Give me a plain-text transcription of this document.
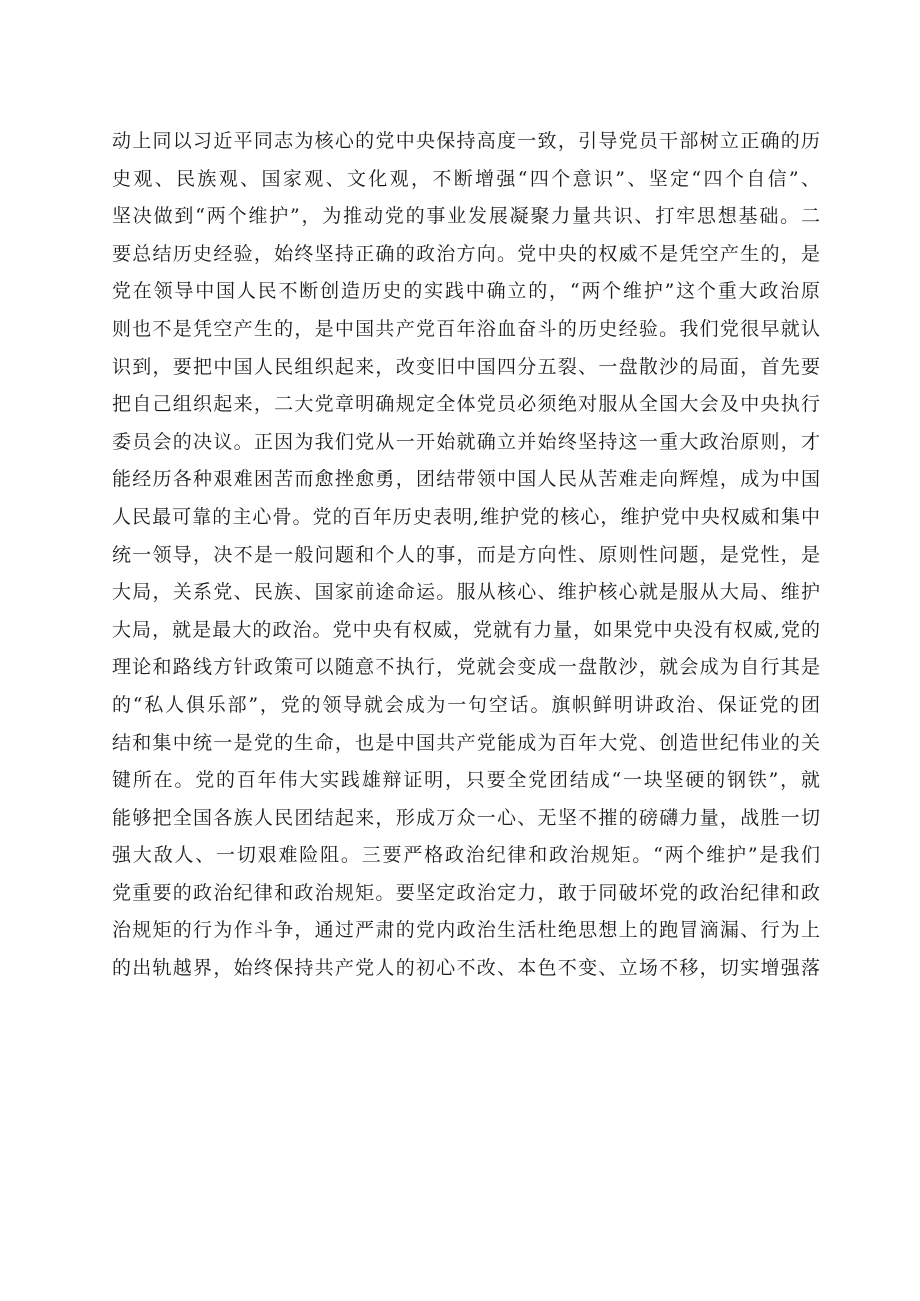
动上同以习近平同志为核心的党中央保持高度一致，引导党员干部树立正确的历
史观、民族观、国家观、文化观，不断增强“四个意识”、坚定“四个自信”、
坚决做到“两个维护”，为推动党的事业发展凝聚力量共识、打牢思想基础。二
要总结历史经验，始终坚持正确的政治方向。党中央的权威不是凭空产生的，是
党在领导中国人民不断创造历史的实践中确立的，“两个维护”这个重大政治原
则也不是凭空产生的，是中国共产党百年浴血奋斗的历史经验。我们党很早就认
识到，要把中国人民组织起来，改变旧中国四分五裂、一盘散沙的局面，首先要
把自己组织起来，二大党章明确规定全体党员必须绝对服从全国大会及中央执行
委员会的决议。正因为我们党从一开始就确立并始终坚持这一重大政治原则，才
能经历各种艰难困苦而愈挫愈勇，团结带领中国人民从苦难走向辉煌，成为中国
人民最可靠的主心骨。党的百年历史表明,维护党的核心，维护党中央权威和集中
统一领导，决不是一般问题和个人的事，而是方向性、原则性问题，是党性，是
大局，关系党、民族、国家前途命运。服从核心、维护核心就是服从大局、维护
大局，就是最大的政治。党中央有权威，党就有力量，如果党中央没有权威,党的
理论和路线方针政策可以随意不执行，党就会变成一盘散沙，就会成为自行其是
的“私人俱乐部”，党的领导就会成为一句空话。旗帜鲜明讲政治、保证党的团
结和集中统一是党的生命，也是中国共产党能成为百年大党、创造世纪伟业的关
键所在。党的百年伟大实践雄辩证明，只要全党团结成“一块坚硬的钢铁”，就
能够把全国各族人民团结起来，形成万众一心、无坚不摧的磅礴力量，战胜一切
强大敌人、一切艰难险阻。三要严格政治纪律和政治规矩。“两个维护”是我们
党重要的政治纪律和政治规矩。要坚定政治定力，敢于同破坏党的政治纪律和政
治规矩的行为作斗争，通过严肃的党内政治生活杜绝思想上的跑冒滴漏、行为上
的出轨越界，始终保持共产党人的初心不改、本色不变、立场不移，切实增强落
